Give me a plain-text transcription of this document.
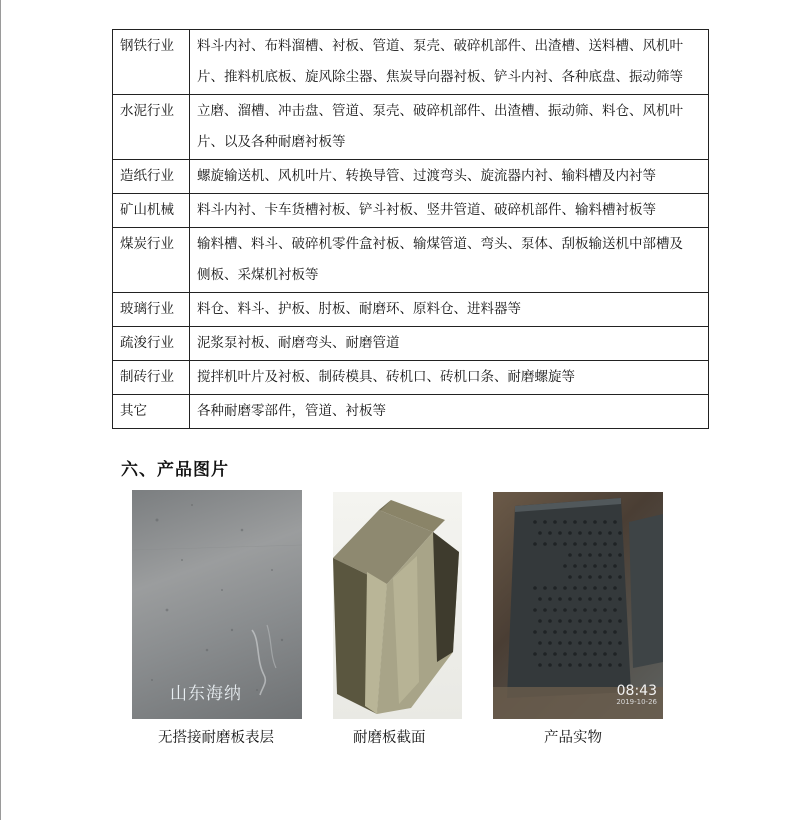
钢铁行业	料斗内衬、布料溜槽、衬板、管道、泵壳、破碎机部件、出渣槽、送料槽、风机叶
片、推料机底板、旋风除尘器、焦炭导向器衬板、铲斗内衬、各种底盘、振动筛等

水泥行业	立磨、溜槽、冲击盘、管道、泵壳、破碎机部件、出渣槽、振动筛、料仓、风机叶
片、以及各种耐磨衬板等

造纸行业	螺旋输送机、风机叶片、转换导管、过渡弯头、旋流器内衬、输料槽及内衬等

矿山机械	料斗内衬、卡车货槽衬板、铲斗衬板、竖井管道、破碎机部件、输料槽衬板等

煤炭行业	输料槽、料斗、破碎机零件盒衬板、输煤管道、弯头、泵体、刮板输送机中部槽及
侧板、采煤机衬板等

玻璃行业	料仓、料斗、护板、肘板、耐磨环、原料仓、进料器等

疏浚行业	泥浆泵衬板、耐磨弯头、耐磨管道

制砖行业	搅拌机叶片及衬板、制砖模具、砖机口、砖机口条、耐磨螺旋等

其它	各种耐磨零部件，管道、衬板等
六、产品图片
山东海纳	08:43
2019-10-26
无搭接耐磨板表层	耐磨板截面	产品实物
